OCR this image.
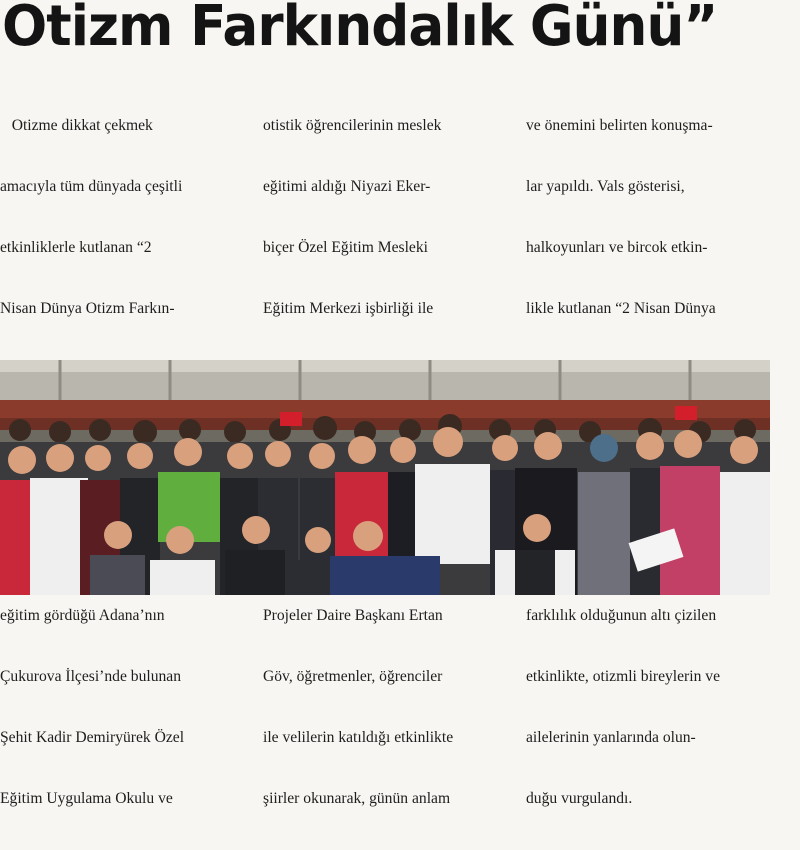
Otizm Farkındalık Günü”

Otizme dikkat çekmek

amacıyla tüm dünyada çeşitli

etkinliklerle kutlanan “2

Nisan Dünya Otizm Farkın-

eğitim gördüğü Adana’nın

Çukurova İlçesi’nde bulunan

Şehit Kadir Demiryürek Özel

Eğitim Uygulama Okulu ve

otistik öğrencilerinin meslek

eğitimi aldığı Niyazi Eker-

biçer Özel Eğitim Mesleki

Eğitim Merkezi işbirliği ile

Projeler Daire Başkanı Ertan

Göv, öğretmenler, öğrenciler

ile velilerin katıldığı etkinlikte

şiirler okunarak, günün anlam

ve önemini belirten konuşma-

lar yapıldı. Vals gösterisi,

halkoyunları ve bircok etkin-

likle kutlanan “2 Nisan Dünya

farklılık olduğunun altı çizilen

etkinlikte, otizmli bireylerin ve

ailelerinin yanlarında olun-

duğu vurgulandı.
